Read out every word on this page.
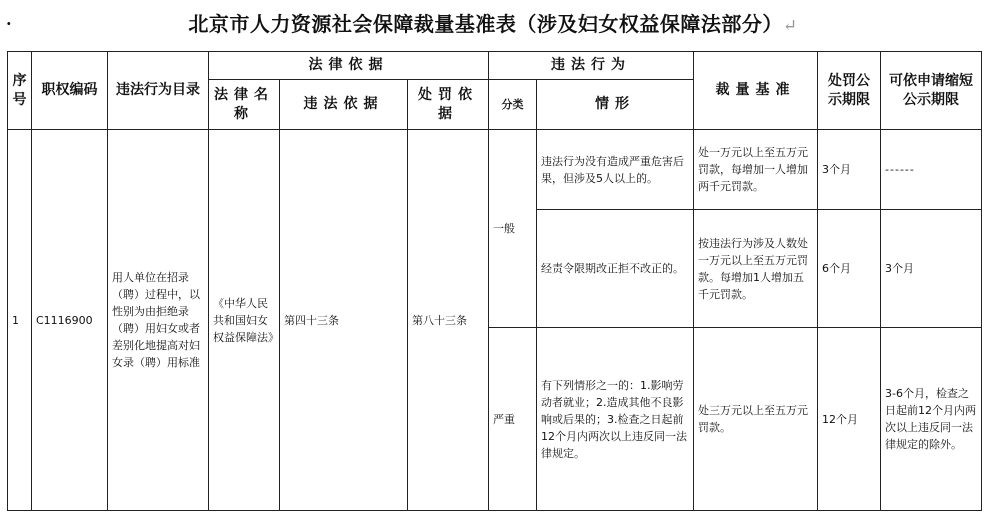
·	北京市人力资源社会保障裁量基准表（涉及妇女权益保障法部分）↵
序号	职权编码	违法行为目录	法律依据			违法行为		裁量基准	处罚公示期限	可依申请缩短公示期限
			法律名称	违法依据	处罚依据	分类	情形			
1	C1116900	用人单位在招录（聘）过程中，以性别为由拒绝录（聘）用妇女或者差别化地提高对妇女录（聘）用标准	《中华人民共和国妇女权益保障法》	第四十三条	第八十三条	一般	违法行为没有造成严重危害后果，但涉及5人以上的。	处一万元以上至五万元罚款，每增加一人增加两千元罚款。	3个月	------
							经责令限期改正拒不改正的。	按违法行为涉及人数处一万元以上至五万元罚款。每增加1人增加五千元罚款。	6个月	3个月
						严重	有下列情形之一的：1.影响劳动者就业；2.造成其他不良影响或后果的；3.检查之日起前12个月内两次以上违反同一法律规定。	处三万元以上至五万元罚款。	12个月	3-6个月，检查之日起前12个月内两次以上违反同一法律规定的除外。
